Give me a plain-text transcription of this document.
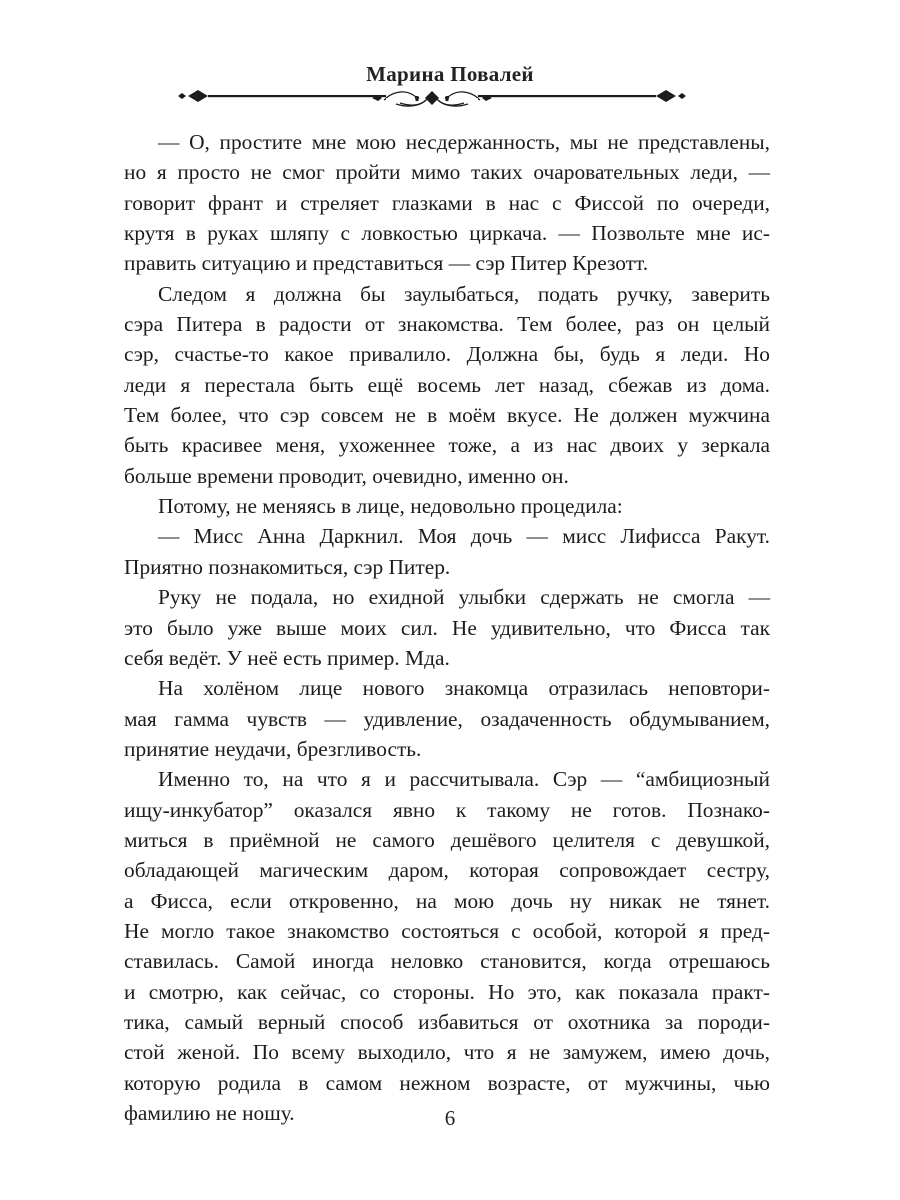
Марина Повалей

— О, простите мне мою несдержанность, мы не представлены,
но я просто не смог пройти мимо таких очаровательных леди, —
говорит франт и стреляет глазками в нас с Фиссой по очереди,
крутя в руках шляпу с ловкостью циркача. — Позвольте мне ис-
править ситуацию и представиться — сэр Питер Крезотт.

Следом я должна бы заулыбаться, подать ручку, заверить
сэра Питера в радости от знакомства. Тем более, раз он целый
сэр, счастье-то какое привалило. Должна бы, будь я леди. Но
леди я перестала быть ещё восемь лет назад, сбежав из дома.
Тем более, что сэр совсем не в моём вкусе. Не должен мужчина
быть красивее меня, ухоженнее тоже, а из нас двоих у зеркала
больше времени проводит, очевидно, именно он.

Потому, не меняясь в лице, недовольно процедила:

— Мисс Анна Даркнил. Моя дочь — мисс Лифисса Ракут.
Приятно познакомиться, сэр Питер.

Руку не подала, но ехидной улыбки сдержать не смогла —
это было уже выше моих сил. Не удивительно, что Фисса так
себя ведёт. У неё есть пример. Мда.

На холёном лице нового знакомца отразилась неповтори-
мая гамма чувств — удивление, озадаченность обдумыванием,
принятие неудачи, брезгливость.

Именно то, на что я и рассчитывала. Сэр — “амбициозный
ищу-инкубатор” оказался явно к такому не готов. Познако-
миться в приёмной не самого дешёвого целителя с девушкой,
обладающей магическим даром, которая сопровождает сестру,
а Фисса, если откровенно, на мою дочь ну никак не тянет.
Не могло такое знакомство состояться с особой, которой я пред-
ставилась. Самой иногда неловко становится, когда отрешаюсь
и смотрю, как сейчас, со стороны. Но это, как показала практ-
тика, самый верный способ избавиться от охотника за породи-
стой женой. По всему выходило, что я не замужем, имею дочь,
которую родила в самом нежном возрасте, от мужчины, чью
фамилию не ношу.	6
